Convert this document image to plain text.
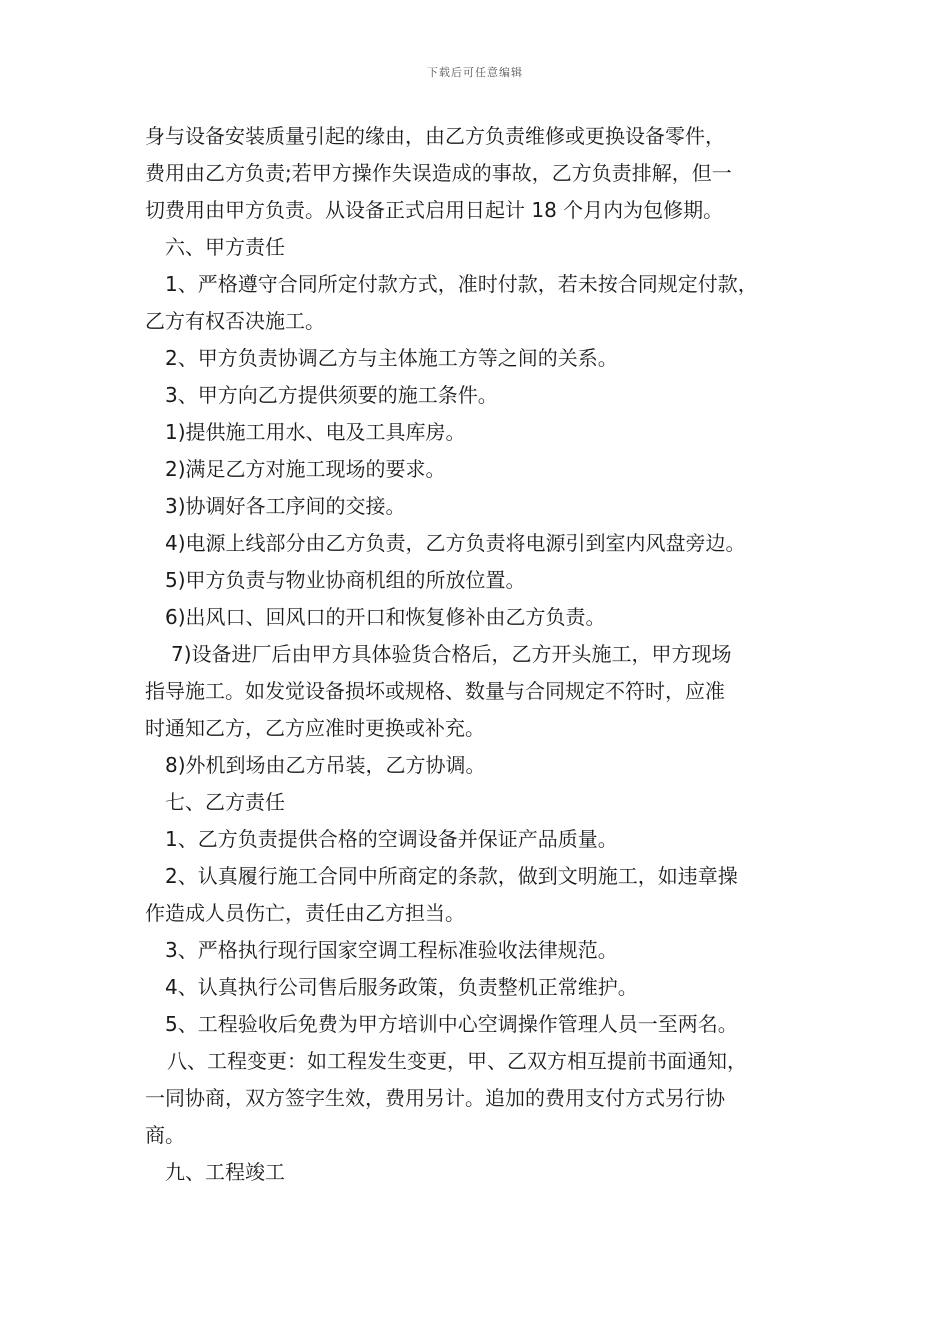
下载后可任意编辑
身与设备安装质量引起的缘由，由乙方负责维修或更换设备零件，
费用由乙方负责;若甲方操作失误造成的事故，乙方负责排解，但一
切费用由甲方负责。从设备正式启用日起计 18 个月内为包修期。
六、甲方责任
1、严格遵守合同所定付款方式，准时付款，若未按合同规定付款，
乙方有权否决施工。
2、甲方负责协调乙方与主体施工方等之间的关系。
3、甲方向乙方提供须要的施工条件。
1)提供施工用水、电及工具库房。
2)满足乙方对施工现场的要求。
3)协调好各工序间的交接。
4)电源上线部分由乙方负责，乙方负责将电源引到室内风盘旁边。
5)甲方负责与物业协商机组的所放位置。
6)出风口、回风口的开口和恢复修补由乙方负责。
7)设备进厂后由甲方具体验货合格后，乙方开头施工，甲方现场
指导施工。如发觉设备损坏或规格、数量与合同规定不符时，应准
时通知乙方，乙方应准时更换或补充。
8)外机到场由乙方吊装，乙方协调。
七、乙方责任
1、乙方负责提供合格的空调设备并保证产品质量。
2、认真履行施工合同中所商定的条款，做到文明施工，如违章操
作造成人员伤亡，责任由乙方担当。
3、严格执行现行国家空调工程标准验收法律规范。
4、认真执行公司售后服务政策，负责整机正常维护。
5、工程验收后免费为甲方培训中心空调操作管理人员一至两名。
八、工程变更：如工程发生变更，甲、乙双方相互提前书面通知，
一同协商，双方签字生效，费用另计。追加的费用支付方式另行协
商。
九、工程竣工
